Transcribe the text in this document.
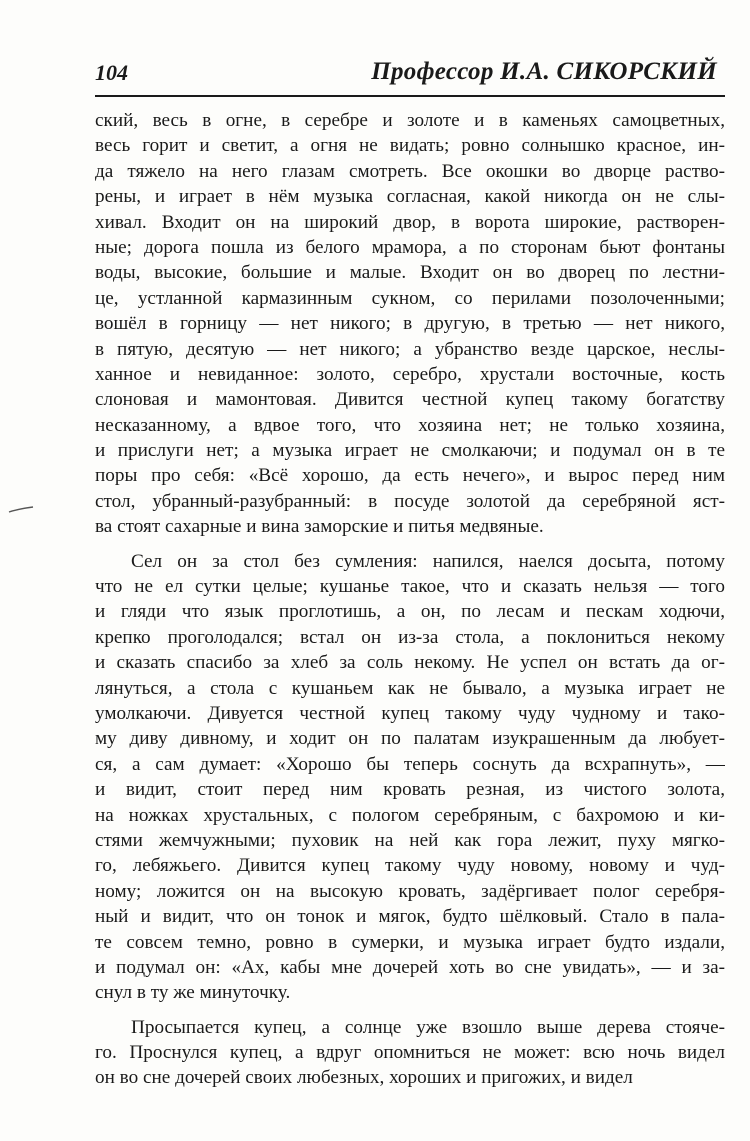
104	Профессор И.А. СИКОРСКИЙ

ский, весь в огне, в серебре и золоте и в каменьях самоцветных,
весь горит и светит, а огня не видать; ровно солнышко красное, ин-
да тяжело на него глазам смотреть. Все окошки во дворце раство-
рены, и играет в нём музыка согласная, какой никогда он не слы-
хивал. Входит он на широкий двор, в ворота широкие, растворен-
ные; дорога пошла из белого мрамора, а по сторонам бьют фонтаны
воды, высокие, большие и малые. Входит он во дворец по лестни-
це, устланной кармазинным сукном, со перилами позолоченными;
вошёл в горницу — нет никого; в другую, в третью — нет никого,
в пятую, десятую — нет никого; а убранство везде царское, неслы-
ханное и невиданное: золото, серебро, хрустали восточные, кость
слоновая и мамонтовая. Дивится честной купец такому богатству
несказанному, а вдвое того, что хозяина нет; не только хозяина,
и прислуги нет; а музыка играет не смолкаючи; и подумал он в те
поры про себя: «Всё хорошо, да есть нечего», и вырос перед ним
стол, убранный-разубранный: в посуде золотой да серебряной яст-
ва стоят сахарные и вина заморские и питья медвяные.

Сел он за стол без сумления: напился, наелся досыта, потому
что не ел сутки целые; кушанье такое, что и сказать нельзя — того
и гляди что язык проглотишь, а он, по лесам и пескам ходючи,
крепко проголодался; встал он из-за стола, а поклониться некому
и сказать спасибо за хлеб за соль некому. Не успел он встать да ог-
лянуться, а стола с кушаньем как не бывало, а музыка играет не
умолкаючи. Дивуется честной купец такому чуду чудному и тако-
му диву дивному, и ходит он по палатам изукрашенным да любует-
ся, а сам думает: «Хорошо бы теперь соснуть да всхрапнуть», —
и видит, стоит перед ним кровать резная, из чистого золота,
на ножках хрустальных, с пологом серебряным, с бахромою и ки-
стями жемчужными; пуховик на ней как гора лежит, пуху мягко-
го, лебяжьего. Дивится купец такому чуду новому, новому и чуд-
ному; ложится он на высокую кровать, задёргивает полог серебря-
ный и видит, что он тонок и мягок, будто шёлковый. Стало в пала-
те совсем темно, ровно в сумерки, и музыка играет будто издали,
и подумал он: «Ах, кабы мне дочерей хоть во сне увидать», — и за-
снул в ту же минуточку.

Просыпается купец, а солнце уже взошло выше дерева стояче-
го. Проснулся купец, а вдруг опомниться не может: всю ночь видел
он во сне дочерей своих любезных, хороших и пригожих, и видел
